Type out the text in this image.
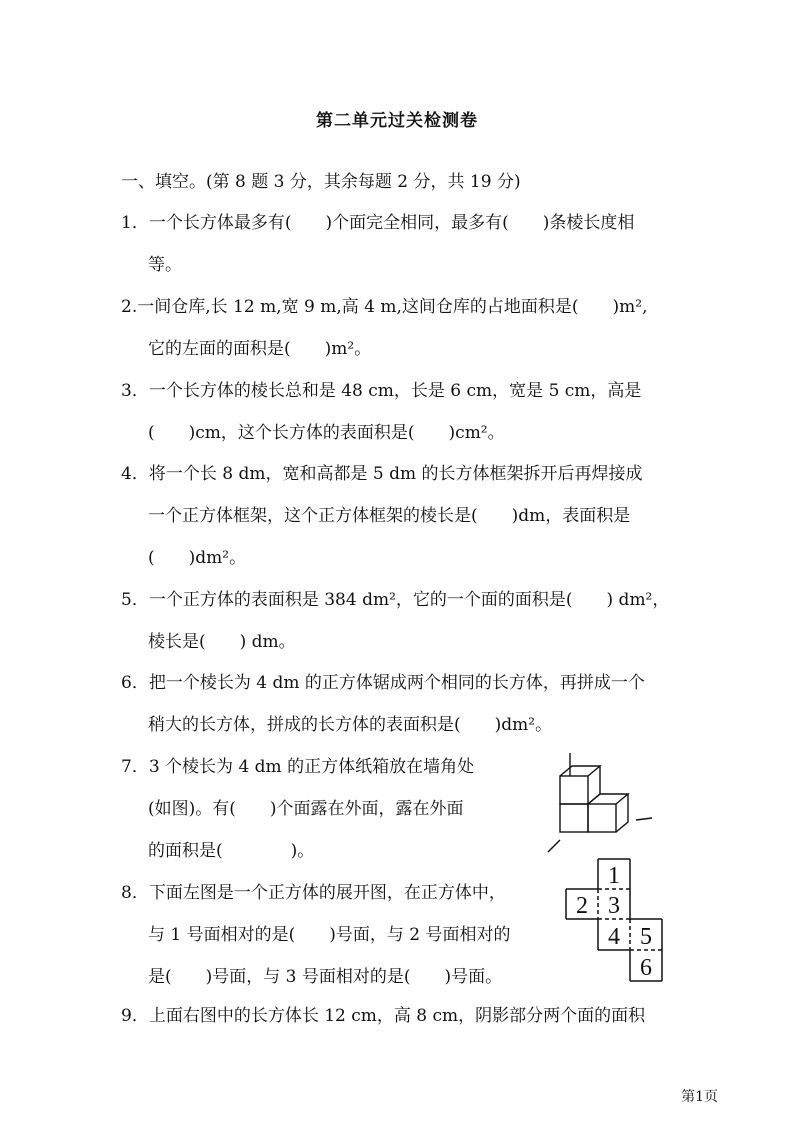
第二单元过关检测卷
一、填空。(第 8 题 3 分，其余每题 2 分，共 19 分)
1．一个长方体最多有(　　)个面完全相同，最多有(　　)条棱长度相
等。
2.一间仓库,长 12 m,宽 9 m,高 4 m,这间仓库的占地面积是(　　)m²,
它的左面的面积是(　　)m²。
3．一个长方体的棱长总和是 48 cm，长是 6 cm，宽是 5 cm，高是
(　　)cm，这个长方体的表面积是(　　)cm²。
4．将一个长 8 dm，宽和高都是 5 dm 的长方体框架拆开后再焊接成
一个正方体框架，这个正方体框架的棱长是(　　)dm，表面积是
(　　)dm²。
5．一个正方体的表面积是 384 dm²，它的一个面的面积是(　　) dm²，
棱长是(　　) dm。
6．把一个棱长为 4 dm 的正方体锯成两个相同的长方体，再拼成一个
稍大的长方体，拼成的长方体的表面积是(　　)dm²。
7．3 个棱长为 4 dm 的正方体纸箱放在墙角处
(如图)。有(　　)个面露在外面，露在外面
的面积是(　　　　)。
8．下面左图是一个正方体的展开图，在正方体中，
与 1 号面相对的是(　　)号面，与 2 号面相对的
是(　　)号面，与 3 号面相对的是(　　)号面。
1
2 3
4 5
6
9．上面右图中的长方体长 12 cm，高 8 cm，阴影部分两个面的面积
第1页
